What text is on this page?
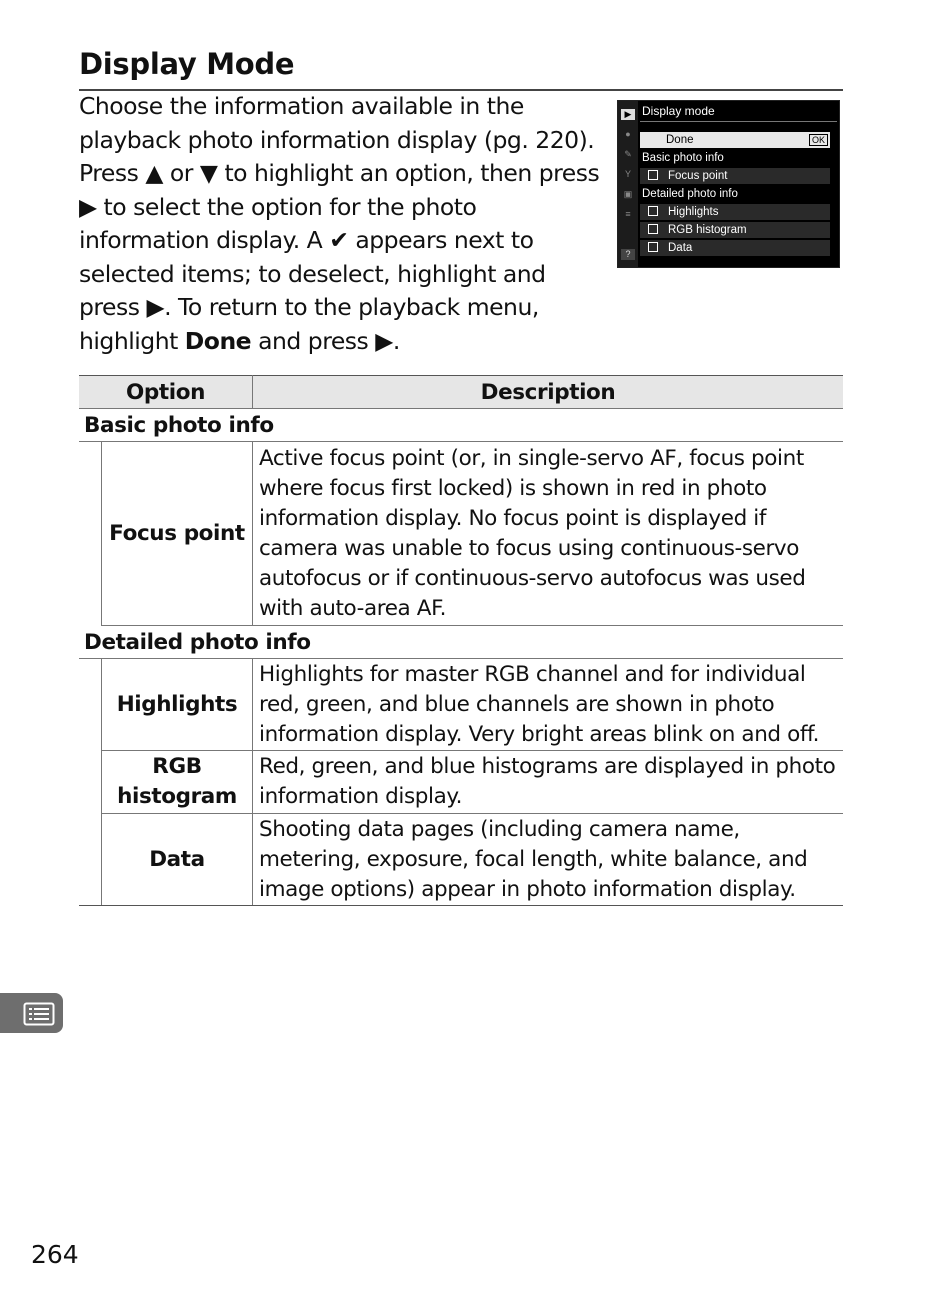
Display Mode

Choose the information available in the playback photo information display (pg. 220). Press ▲ or ▼ to highlight an option, then press ▶ to select the option for the photo information display. A ✔ appears next to selected items; to deselect, highlight and press ▶. To return to the playback menu, highlight Done and press ▶.

▶
●
✎
Y
▣
≡
?
Display mode
Done	OK
Basic photo info
Focus point
Detailed photo info
Highlights
RGB histogram
Data
Option		Description
Basic photo info		
	Focus point	Active focus point (or, in single-servo AF, focus point where focus first locked) is shown in red in photo information display. No focus point is displayed if camera was unable to focus using continuous-servo autofocus or if continuous-servo autofocus was used with auto-area AF.
Detailed photo info		
	Highlights	Highlights for master RGB channel and for individual red, green, and blue channels are shown in photo information display. Very bright areas blink on and off.
	RGB histogram	Red, green, and blue histograms are displayed in photo information display.
	Data	Shooting data pages (including camera name, metering, exposure, focal length, white balance, and image options) appear in photo information display.
264
